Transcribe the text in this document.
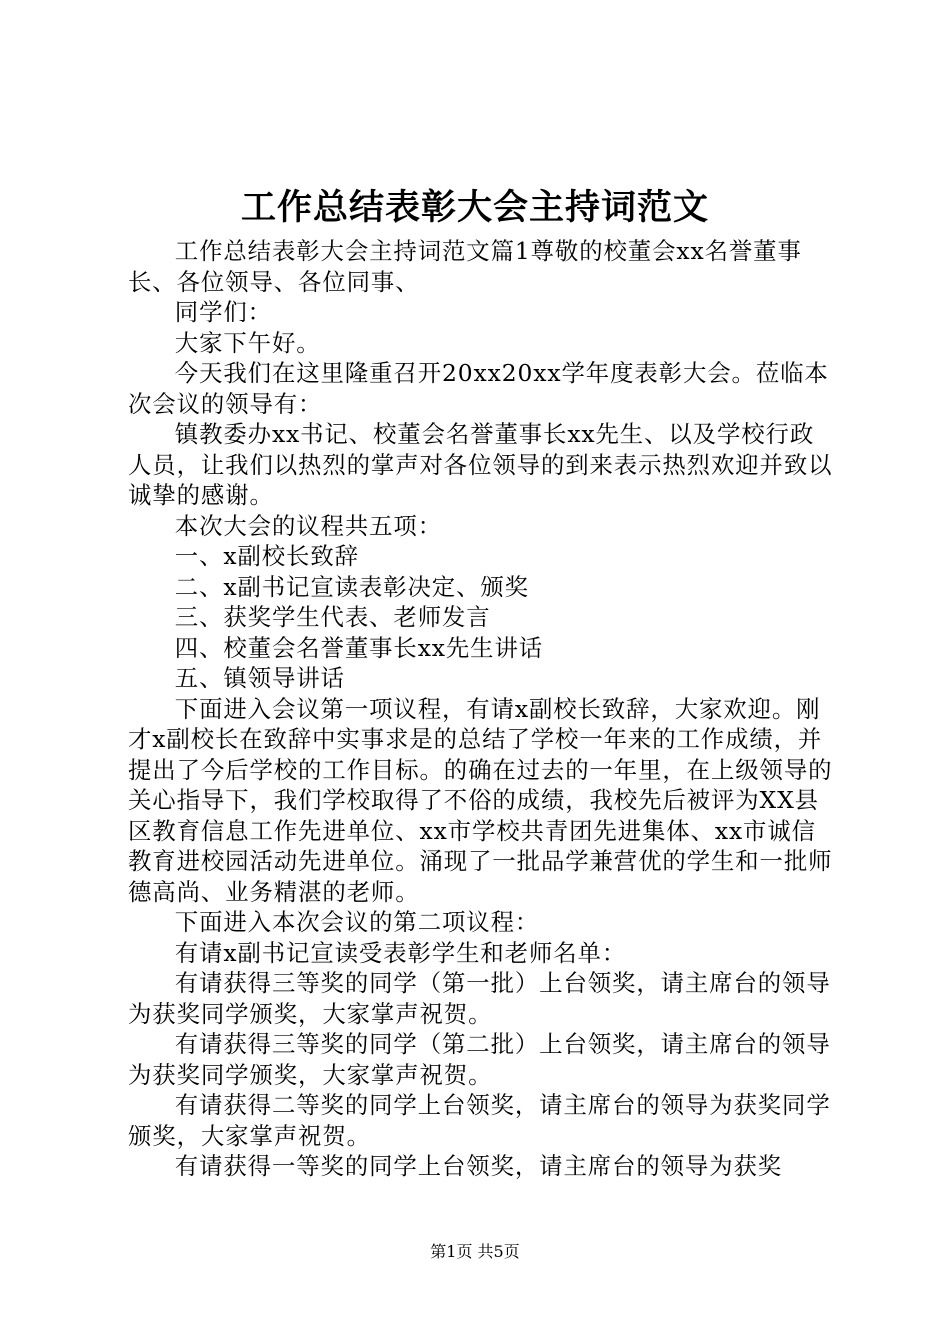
工作总结表彰大会主持词范文

工作总结表彰大会主持词范文篇1尊敬的校董会xx名誉董事长、各位领导、各位同事、

同学们：

大家下午好。

今天我们在这里隆重召开20xx20xx学年度表彰大会。莅临本次会议的领导有：

镇教委办xx书记、校董会名誉董事长xx先生、以及学校行政人员，让我们以热烈的掌声对各位领导的到来表示热烈欢迎并致以诚挚的感谢。

本次大会的议程共五项：

一、x副校长致辞

二、x副书记宣读表彰决定、颁奖

三、获奖学生代表、老师发言

四、校董会名誉董事长xx先生讲话

五、镇领导讲话

下面进入会议第一项议程，有请x副校长致辞，大家欢迎。刚才x副校长在致辞中实事求是的总结了学校一年来的工作成绩，并提出了今后学校的工作目标。的确在过去的一年里，在上级领导的关心指导下，我们学校取得了不俗的成绩，我校先后被评为XX县区教育信息工作先进单位、xx市学校共青团先进集体、xx市诚信教育进校园活动先进单位。涌现了一批品学兼营优的学生和一批师德高尚、业务精湛的老师。

下面进入本次会议的第二项议程：

有请x副书记宣读受表彰学生和老师名单：

有请获得三等奖的同学（第一批）上台领奖，请主席台的领导为获奖同学颁奖，大家掌声祝贺。

有请获得三等奖的同学（第二批）上台领奖，请主席台的领导为获奖同学颁奖，大家掌声祝贺。

有请获得二等奖的同学上台领奖，请主席台的领导为获奖同学颁奖，大家掌声祝贺。

有请获得一等奖的同学上台领奖，请主席台的领导为获奖

第1页 共5页
